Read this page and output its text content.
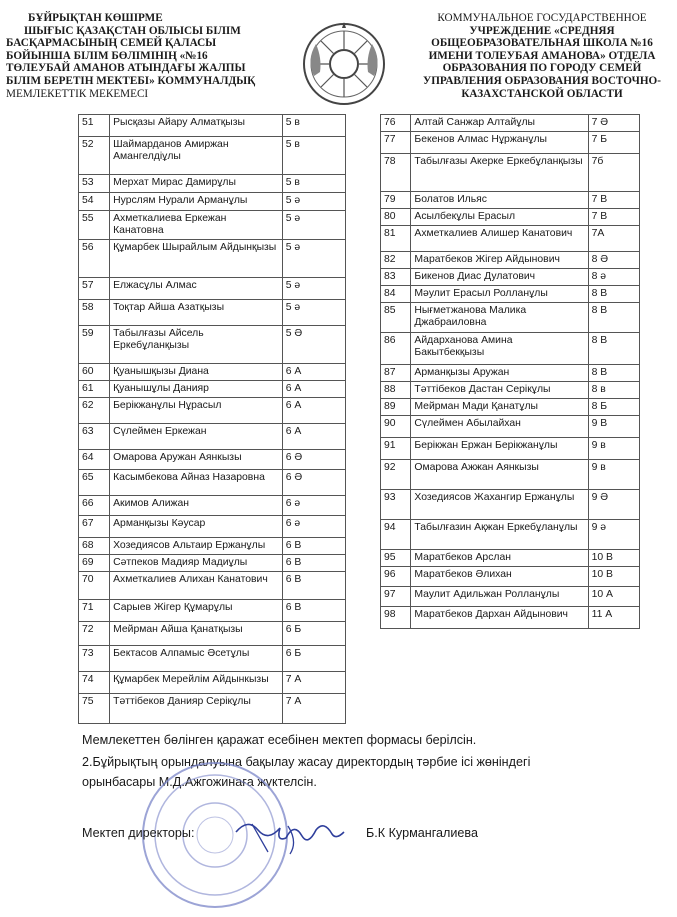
БҰЙРЫҚТАН КӨШІРМЕ
ШЫҒЫС ҚАЗАҚСТАН ОБЛЫСЫ БІЛІМ
БАСҚАРМАСЫНЫҢ СЕМЕЙ ҚАЛАСЫ
БОЙЫНША БІЛІМ БӨЛІМІНІҢ «№16
ТӨЛЕУБАЙ АМАНОВ АТЫНДАҒЫ ЖАЛПЫ
БІЛІМ БЕРЕТІН МЕКТЕБІ» КОММУНАЛДЫҚ
МЕМЛЕКЕТТІК МЕКЕМЕСІ
КОММУНАЛЬНОЕ ГОСУДАРСТВЕННОЕ
УЧРЕЖДЕНИЕ «СРЕДНЯЯ
ОБЩЕОБРАЗОВАТЕЛЬНАЯ ШКОЛА №16
ИМЕНИ ТОЛЕУБАЯ АМАНОВА» ОТДЕЛА
ОБРАЗОВАНИЯ ПО ГОРОДУ СЕМЕЙ
УПРАВЛЕНИЯ ОБРАЗОВАНИЯ ВОСТОЧНО-
КАЗАХСТАНСКОЙ ОБЛАСТИ
51	Рысқазы Айару Алматқызы	5 в
52	Шаймарданов Амиржан Амангелдіұлы	5 в
53	Мерхат Мирас Дамирұлы	5 в
54	Нурслям Нурали Арманұлы	5 ә
55	Ахметкалиева Еркежан Канатовна	5 ә
56	Құмарбек Шырайлым Айдынқызы	5 ә
57	Елжасұлы Алмас	5 ә
58	Тоқтар Айша Азатқызы	5 ә
59	Табылғазы Айсель Еркебұланқызы	5 Ә
60	Қуанышқызы Диана	6 А
61	Қуанышұлы Данияр	6 А
62	Берікжанұлы Нұрасыл	6 А
63	Сүлеймен Еркежан	6 А
64	Омарова Аружан Аянкызы	6 Ә
65	Касымбекова Айназ Назаровна	6 Ә
66	Акимов Алижан	6 ә
67	Арманқызы Кәусар	6 ә
68	Хозедиясов Альтаир Ержанұлы	6 В
69	Сәтпеков Мадияр Мадиұлы	6 В
70	Ахметкалиев Алихан Канатович	6 В
71	Сарыев Жігер Құмарұлы	6 В
72	Мейрман Айша Қанатқызы	6 Б
73	Бектасов Алпамыс Әсетұлы	6 Б
74	Құмарбек Мерейлім Айдынкызы	7 А
75	Тәттібеков Данияр Серікұлы	7 А
76	Алтай Санжар Алтайұлы	7 Ә
77	Бекенов Алмас Нұржанұлы	7 Б
78	Табылғазы Акерке Еркебұланқызы	7б
79	Болатов Ильяс	7 В
80	Асылбекұлы Ерасыл	7 В
81	Ахметкалиев Алишер Канатович	7А
82	Маратбеков Жігер Айдынович	8 Ә
83	Бикенов Диас Дулатович	8 ә
84	Мәулит Ерасыл Ролланұлы	8 В
85	Нығметжанова Малика Джабраиловна	8 В
86	Айдарханова Амина Бакытбекқызы	8 В
87	Арманқызы Аружан	8 В
88	Тәттібеков Дастан Серікұлы	8 в
89	Мейрман Мади Қанатұлы	8 Б
90	Сүлеймен Абылайхан	9 В
91	Берікжан Ержан Берікжанұлы	9 в
92	Омарова Ажжан Аянкызы	9 в
93	Хозедиясов Жахангир Ержанұлы	9 Ә
94	Табылғазин Ақжан Еркебұланұлы	9 ә
95	Маратбеков Арслан	10 В
96	Маратбеков Әлихан	10 В
97	Маулит Адильжан Ролланұлы	10 А
98	Маратбеков Дархан Айдынович	11 А
Мемлекеттен бөлінген қаражат есебінен мектеп формасы берілсін.
2.Бұйрықтың орындалуына бақылау жасау директордың тәрбие ісі жөніндегі
орынбасары М.Д.Ажгожинаға жүктелсін.
Мектеп директоры:	Б.К Курмангалиева
